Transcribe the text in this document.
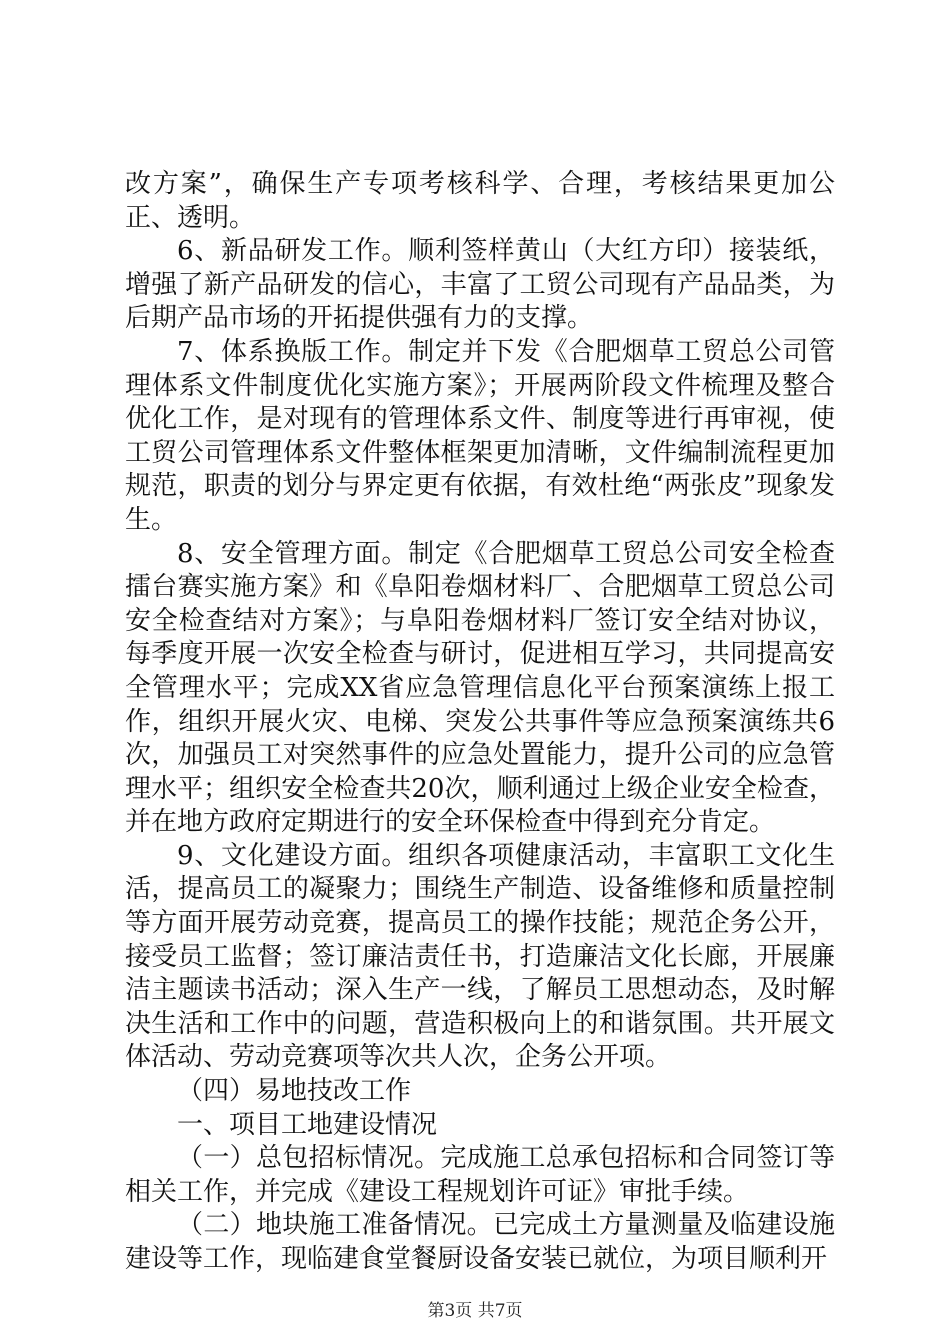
改方案”，确保生产专项考核科学、合理，考核结果更加公正、透明。

6、新品研发工作。顺利签样黄山（大红方印）接装纸，增强了新产品研发的信心，丰富了工贸公司现有产品品类，为后期产品市场的开拓提供强有力的支撑。

7、体系换版工作。制定并下发《合肥烟草工贸总公司管理体系文件制度优化实施方案》；开展两阶段文件梳理及整合优化工作，是对现有的管理体系文件、制度等进行再审视，使工贸公司管理体系文件整体框架更加清晰，文件编制流程更加规范，职责的划分与界定更有依据，有效杜绝“两张皮”现象发生。

8、安全管理方面。制定《合肥烟草工贸总公司安全检查擂台赛实施方案》和《阜阳卷烟材料厂、合肥烟草工贸总公司安全检查结对方案》；与阜阳卷烟材料厂签订安全结对协议，每季度开展一次安全检查与研讨，促进相互学习，共同提高安全管理水平；完成XX省应急管理信息化平台预案演练上报工作，组织开展火灾、电梯、突发公共事件等应急预案演练共6次，加强员工对突然事件的应急处置能力，提升公司的应急管理水平；组织安全检查共20次，顺利通过上级企业安全检查，并在地方政府定期进行的安全环保检查中得到充分肯定。

9、文化建设方面。组织各项健康活动，丰富职工文化生活，提高员工的凝聚力；围绕生产制造、设备维修和质量控制等方面开展劳动竞赛，提高员工的操作技能；规范企务公开，接受员工监督；签订廉洁责任书，打造廉洁文化长廊，开展廉洁主题读书活动；深入生产一线，了解员工思想动态，及时解决生活和工作中的问题，营造积极向上的和谐氛围。共开展文体活动、劳动竞赛项等次共人次，企务公开项。

（四）易地技改工作

一、项目工地建设情况

（一）总包招标情况。完成施工总承包招标和合同签订等相关工作，并完成《建设工程规划许可证》审批手续。

（二）地块施工准备情况。已完成土方量测量及临建设施建设等工作，现临建食堂餐厨设备安装已就位，为项目顺利开

第3页 共7页
